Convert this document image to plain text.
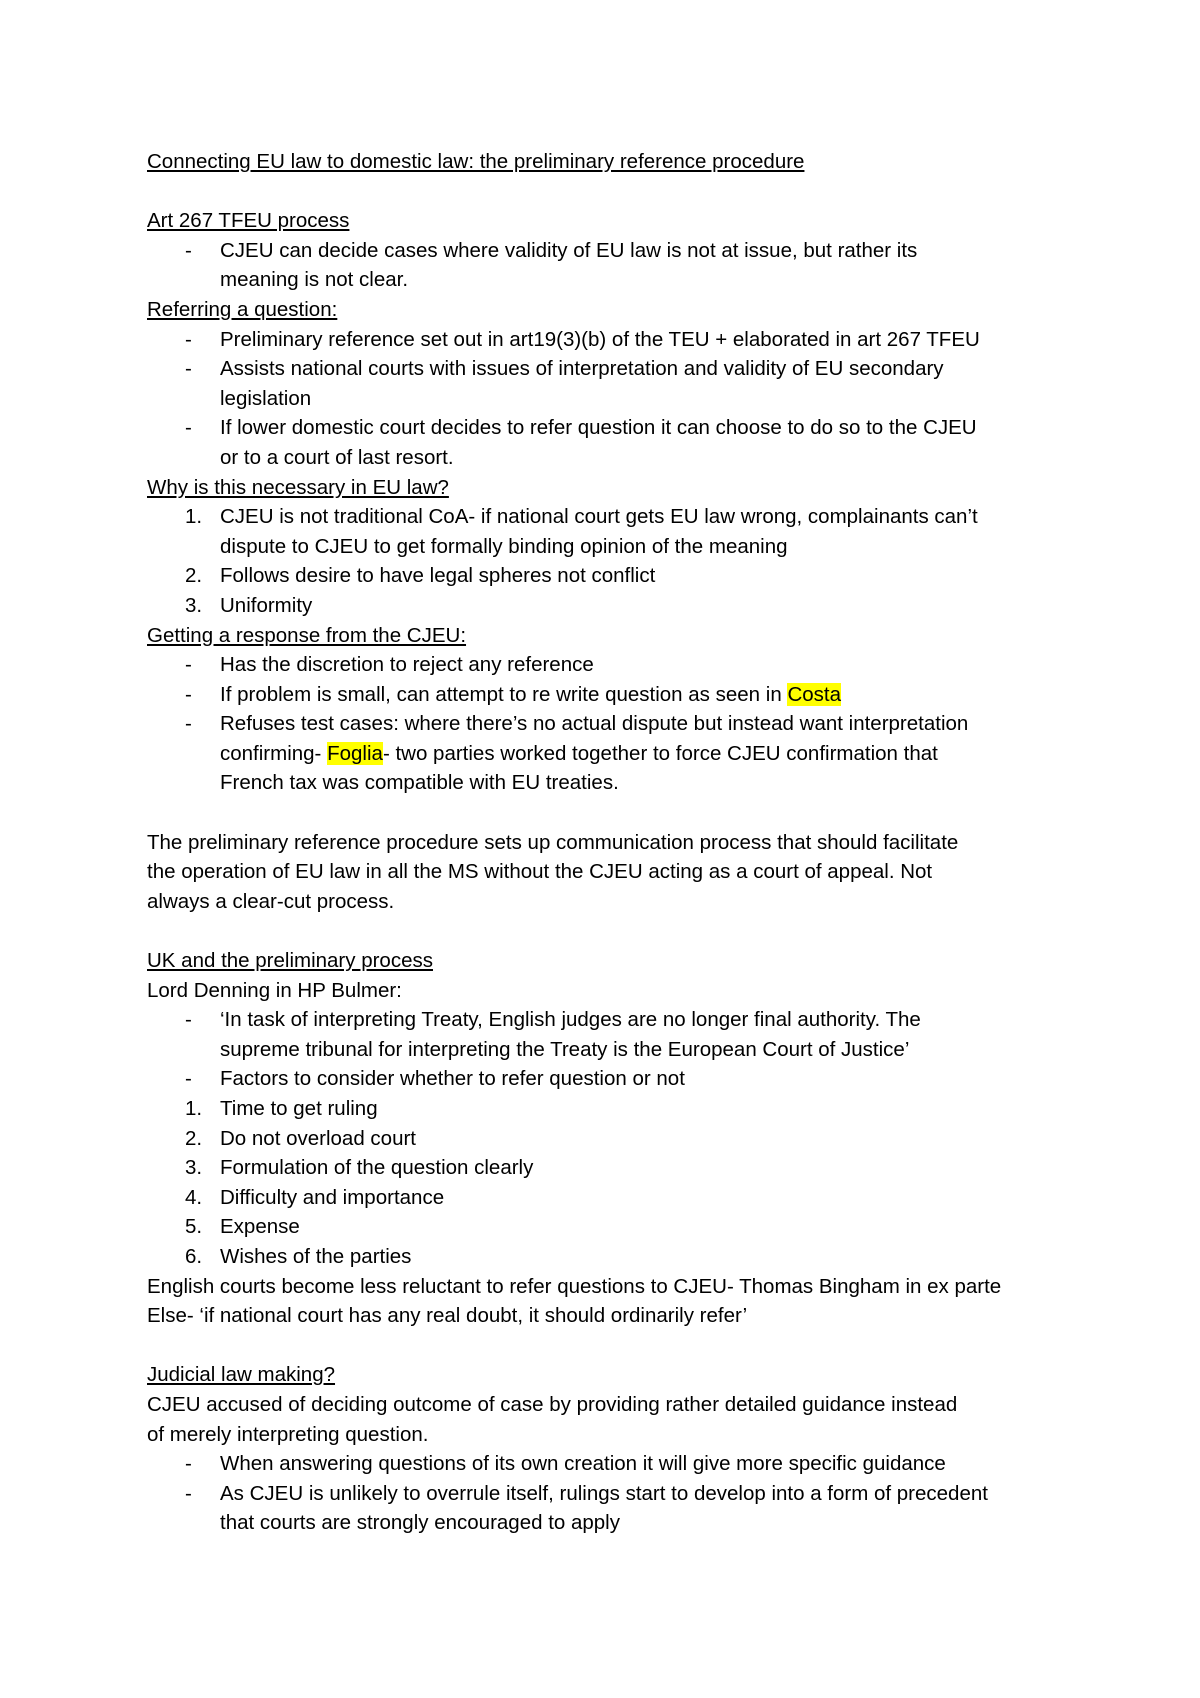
Connecting EU law to domestic law: the preliminary reference procedure
Art 267 TFEU process
-	CJEU can decide cases where validity of EU law is not at issue, but rather its meaning is not clear.
Referring a question:
-	Preliminary reference set out in art19(3)(b) of the TEU + elaborated in art 267 TFEU
-	Assists national courts with issues of interpretation and validity of EU secondary legislation
-	If lower domestic court decides to refer question it can choose to do so to the CJEU or to a court of last resort.
Why is this necessary in EU law?
1. CJEU is not traditional CoA- if national court gets EU law wrong, complainants can’t dispute to CJEU to get formally binding opinion of the meaning
2. Follows desire to have legal spheres not conflict
3. Uniformity
Getting a response from the CJEU:
-	Has the discretion to reject any reference
-	If problem is small, can attempt to re write question as seen in Costa
-	Refuses test cases: where there’s no actual dispute but instead want interpretation confirming- Foglia- two parties worked together to force CJEU confirmation that French tax was compatible with EU treaties.
The preliminary reference procedure sets up communication process that should facilitate the operation of EU law in all the MS without the CJEU acting as a court of appeal. Not always a clear-cut process.
UK and the preliminary process
Lord Denning in HP Bulmer:
-	‘In task of interpreting Treaty, English judges are no longer final authority. The supreme tribunal for interpreting the Treaty is the European Court of Justice’
-	Factors to consider whether to refer question or not
1. Time to get ruling
2. Do not overload court
3. Formulation of the question clearly
4. Difficulty and importance
5. Expense
6. Wishes of the parties
English courts become less reluctant to refer questions to CJEU- Thomas Bingham in ex parte
Else- ‘if national court has any real doubt, it should ordinarily refer’
Judicial law making?
CJEU accused of deciding outcome of case by providing rather detailed guidance instead of merely interpreting question.
-	When answering questions of its own creation it will give more specific guidance
-	As CJEU is unlikely to overrule itself, rulings start to develop into a form of precedent that courts are strongly encouraged to apply
